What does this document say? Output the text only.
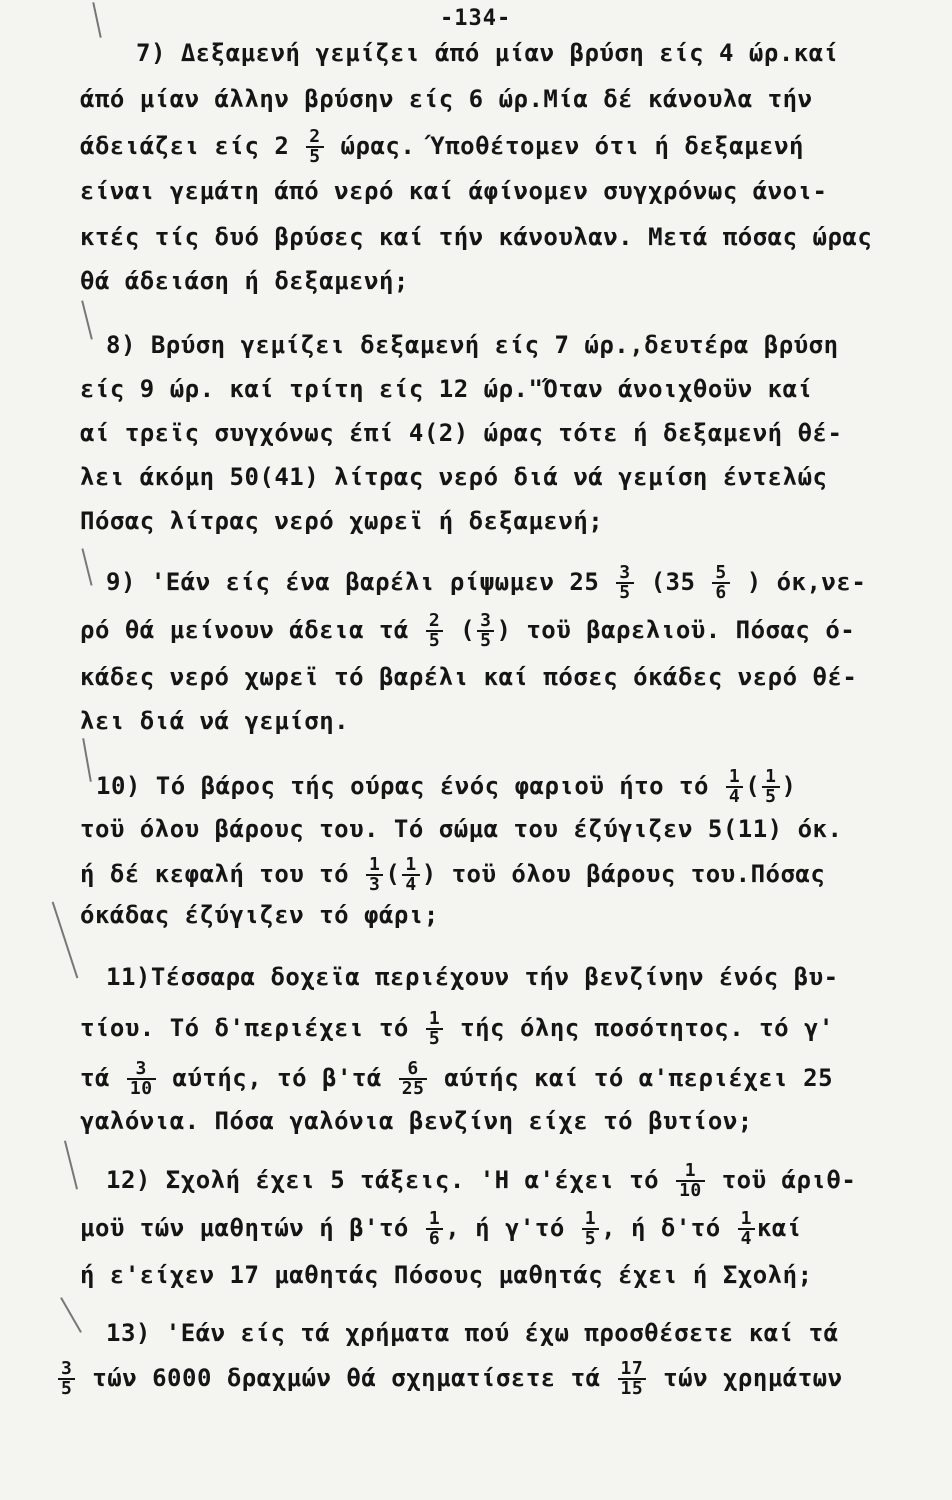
-134-
7) Δεξαμενή γεμίζει άπό μίαν βρύση είς 4 ώρ.καί
άπό μίαν άλλην βρύσην είς 6 ώρ.Μία δέ κάνουλα τήν
άδειάζει είς $2 \frac{2}{5} ώ\rho\alpha\varsigma$. Ύποθέτομεν ότι ή δεξαμενή
είναι γεμάτη άπό νερό καί άφίνομεν συγχρόνως άνοι-
κτές τίς δυό βρύσες καί τήν κάνουλαν. Μετά πόσας ώρας
θά άδειάση ή δεξαμενή;
8) Βρύση γεμίζει δεξαμενή είς 7 ώρ.,δευτέρα βρύση
είς 9 ώρ. καί τρίτη είς 12 ώρ."Όταν άνοιχθοϋν καί
αί τρεϊς συγχόνως έπί 4(2) ώρας τότε ή δεξαμενή θέ-
λει άκόμη 50(41) λίτρας νερό διά νά γεμίση έντελώς
Πόσας λίτρας νερό χωρεϊ ή δεξαμενή;
9) 'Εάν είς ένα βαρέλι ρίψωμεν $25 \frac{3}{5} (35 \frac{5}{6}$ ) όκ,νε-
ρό θά μείνουν άδεια τά $\frac{2}{5}$ ( $\frac{3}{5}$ ) τοϋ βαρελιοϋ. Πόσας ό-
κάδες νερό χωρεϊ τό βαρέλι καί πόσες όκάδες νερό θέ-
λει διά νά γεμίση.
10) Τό βάρος τής ούρας ένός φαριοϋ ήτο τό $\frac{1}{4}$ ( $\frac{1}{5}$ )
τοϋ όλου βάρους του. Τό σώμα του έζύγιζεν 5(11) όκ.
ή δέ κεφαλή του τό $\frac{1}{3}$ ( $\frac{1}{4}$ ) τοϋ όλου βάρους του.Πόσας
όκάδας έζύγιζεν τό φάρι;
11)Τέσσαρα δοχεϊα περιέχουν τήν βενζίνην ένός βυ-
τίου. Τό δ'περιέχει τό $\frac{1}{5}$ τής όλης ποσότητος. τό γ'
τά $\frac{3}{10} \alpha ύ\tau ή\varsigma$, τό $\beta'\tau ά \frac{6}{25}$ αύτής καί τό α'περιέχει 25
γαλόνια. Πόσα γαλόνια βενζίνη είχε τό βυτίον;
12) Σχολή έχει 5 τάξεις. 'Η α'έχει τό $\frac{1}{10}$ τοϋ άριθ-
μοϋ τών μαθητών ή $\beta'\tau ό \frac{1}{6}$ , ή $\gamma'\tau ό \frac{1}{5}$ , ή $\delta'\tau ό \frac{1}{4}$ καί
ή ε'είχεν 17 μαθητάς Πόσους μαθητάς έχει ή Σχολή;
13) 'Εάν είς τά χρήματα πού έχω προσθέσετε καί τά
$\frac{3}{5}$ τών 6000 δραχμών θά σχηματίσετε τά $\frac{17}{15}$ τών χρημάτων
